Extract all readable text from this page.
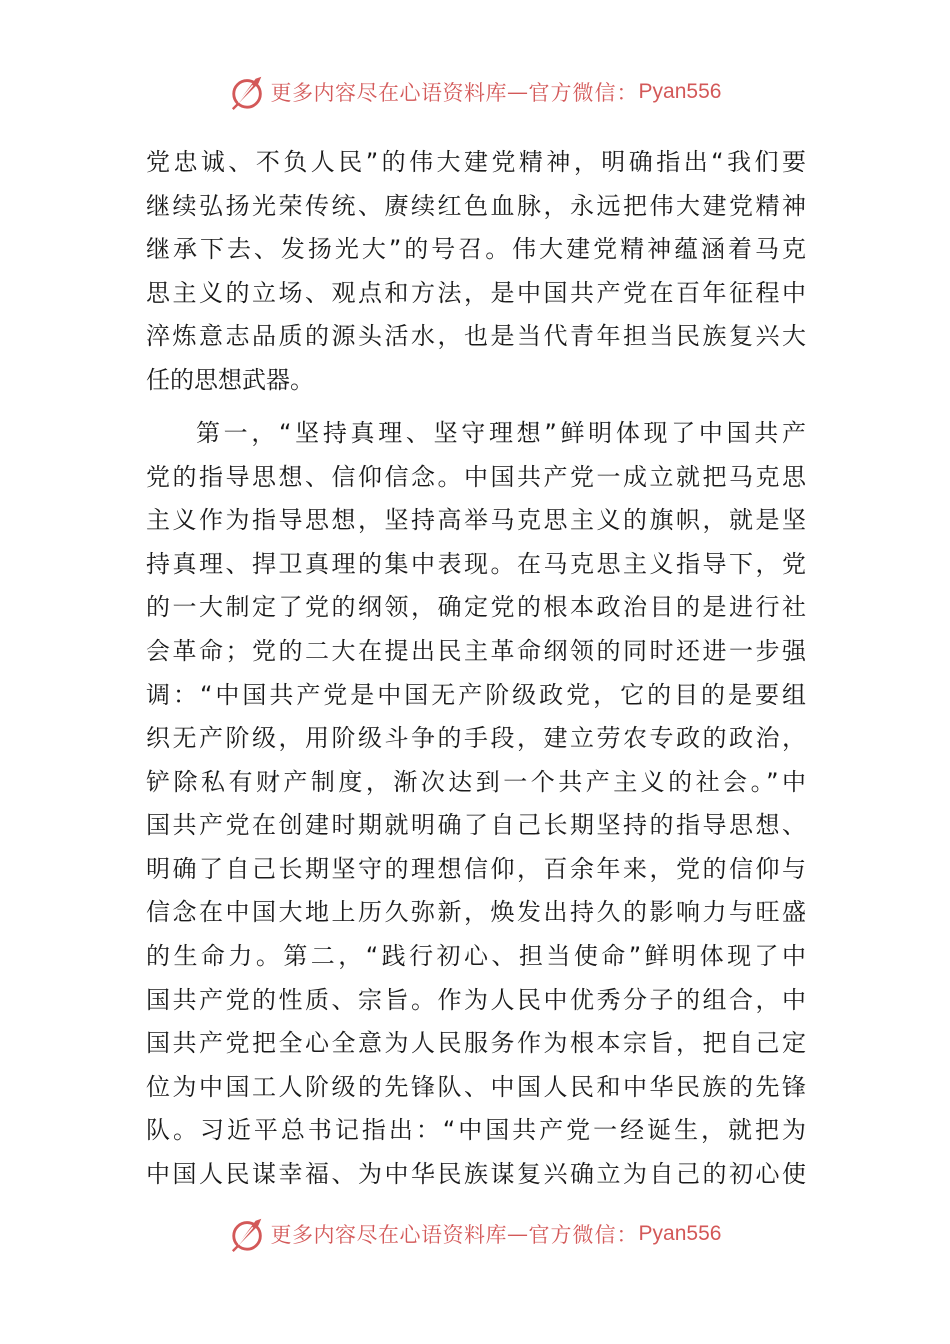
更多内容尽在心语资料库 — 官方微信： Pyan556
党忠诚、不负人民”的伟大建党精神，明确指出“我们要
继续弘扬光荣传统、赓续红色血脉，永远把伟大建党精神
继承下去、发扬光大”的号召。伟大建党精神蕴涵着马克
思主义的立场、观点和方法，是中国共产党在百年征程中
淬炼意志品质的源头活水，也是当代青年担当民族复兴大
任的思想武器。
第一，“坚持真理、坚守理想”鲜明体现了中国共产
党的指导思想、信仰信念。中国共产党一成立就把马克思
主义作为指导思想，坚持高举马克思主义的旗帜，就是坚
持真理、捍卫真理的集中表现。在马克思主义指导下，党
的一大制定了党的纲领，确定党的根本政治目的是进行社
会革命；党的二大在提出民主革命纲领的同时还进一步强
调：“中国共产党是中国无产阶级政党，它的目的是要组
织无产阶级，用阶级斗争的手段，建立劳农专政的政治，
铲除私有财产制度，渐次达到一个共产主义的社会。”中
国共产党在创建时期就明确了自己长期坚持的指导思想、
明确了自己长期坚守的理想信仰，百余年来，党的信仰与
信念在中国大地上历久弥新，焕发出持久的影响力与旺盛
的生命力。第二，“践行初心、担当使命”鲜明体现了中
国共产党的性质、宗旨。作为人民中优秀分子的组合，中
国共产党把全心全意为人民服务作为根本宗旨，把自己定
位为中国工人阶级的先锋队、中国人民和中华民族的先锋
队。习近平总书记指出：“中国共产党一经诞生，就把为
中国人民谋幸福、为中华民族谋复兴确立为自己的初心使
更多内容尽在心语资料库 — 官方微信： Pyan556
